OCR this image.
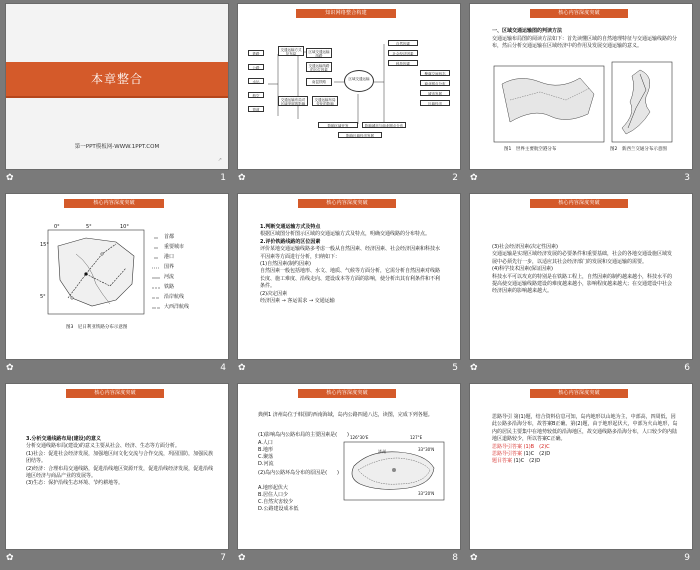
本章整合
第一PPT模板网-WWW.1PPT.COM
↗
✿	1
知识网络整合构建
区域交通运输
铁路
公路
水运
航空
管道
交通运输方式及布局	区域交通运输线路
交通运输线路的区位因素
南昆铁路
交通运输布局对区域发展的影响
交通运输布局变化的影响
自然因素
社会经济因素
科技因素
聚落空间形态
商业网点分布
城市发展
区域经济
影响区域开发	影响城市与商业网点分布
影响区域经济发展
✿	2
核心内容深度突破
一、区域交通运输图的判读方法
交通运输布局图的阅读方法如下：首先读懂区域的自然地理特征与交通运输线路的分布，然后分析交通运输在区域经济中的作用及发展交通运输的意义。
图1　世界主要航空港分布	图2　新西兰交通分布示意图
✿	3
核心内容深度突破
0°	5°	10°
15°
5°
首都
重要城市
港口
国界
河流
铁路
沿岸航线
大西洋航线
图3　尼日利亚铁路分布示意图
✿	4
核心内容深度突破

1.判断交通运输方式及特点

根据区域图分析图示区域的交通运输方式及特点，明确交通线路的分布特点。

2.评价铁路线路的区位因素

评价某地交通运输线路多考虑一般从自然因素、经济因素、社会经济因素和科技水平因素等方面进行分析，归纳如下：

(1)自然因素(制约因素)

自然因素一般包括地形、水文、地质、气候等方面分析，它需分析自然因素对线路长度、施工难度、沿线走向、建设成本等方面的影响，使分析出其有利条件和不利条件。

(2)决定因素

经济因素 → 客运需求 → 交通运输

✿	5
核心内容深度突破

(3)社会经济因素(决定性因素)

交通运输是实现区域经济发展的必要条件和重要基础，社会的各地交通设施区域发展中必须先行一步，以适应其社会经济部门的发展和交通运输的需要。

(4)科学技术因素(保证因素)

科技水平可以攻克的特别是在铁路工程上，自然因素的制约越来越小，科技水平的提高使交通运输线路建设的难度越来越小，影响程度越来越大；在交通建设中社会经济因素的影响越来越大。

✿	6
核心内容深度突破

3.分析交通线路布局(建设)的意义

分析交通线路布局(建设)的意义主要从社会、经济、生态等方面分析。

(1)社会：促进社会经济发展，加强地区间文化交流与合作交流，巩固国防，加强民族团结等。

(2)经济：合理布局交通线路，促进沿线地区资源开发，促进沿线经济发展，促进沿线地区经济与商品产业的发展等。

(3)生态：保护沿线生态环境、节约耕地等。

✿	7
核心内容深度突破
典例1 济州岛位于韩国的西南海域，岛内公路四通八达，读图，完成下列各题。
(1)影响岛内公路布局的主要因素是(　　)
A.人口
B.地形
C.聚落
D.河流
(2)岛内公路环岛分布的原因是(　　)
A.地形起伏大
B.居住人口少
C.自然灾害较少
D.公路建设成本低
126°30'E	127°E
33°30'N
33°20'N
济州
✿	8
核心内容深度突破

思路导引 第(1)题，结合资料信息可知，岛内地形以山地为主，中部高，四周低，因此公路多沿海分布，故答案B正确。第(2)题，由于地形起伏大，中部为火山地形，岛内的居民主要集中在地势较低的沿海地区，故交通线路多沿海分布，人口较少的内陆地区道路较少，所以答案C正确。

思路导引答案 (1)B　(2)C

思路导引答案 (1)C　(2)D

题目答案 (1)C　(2)D

✿	9
